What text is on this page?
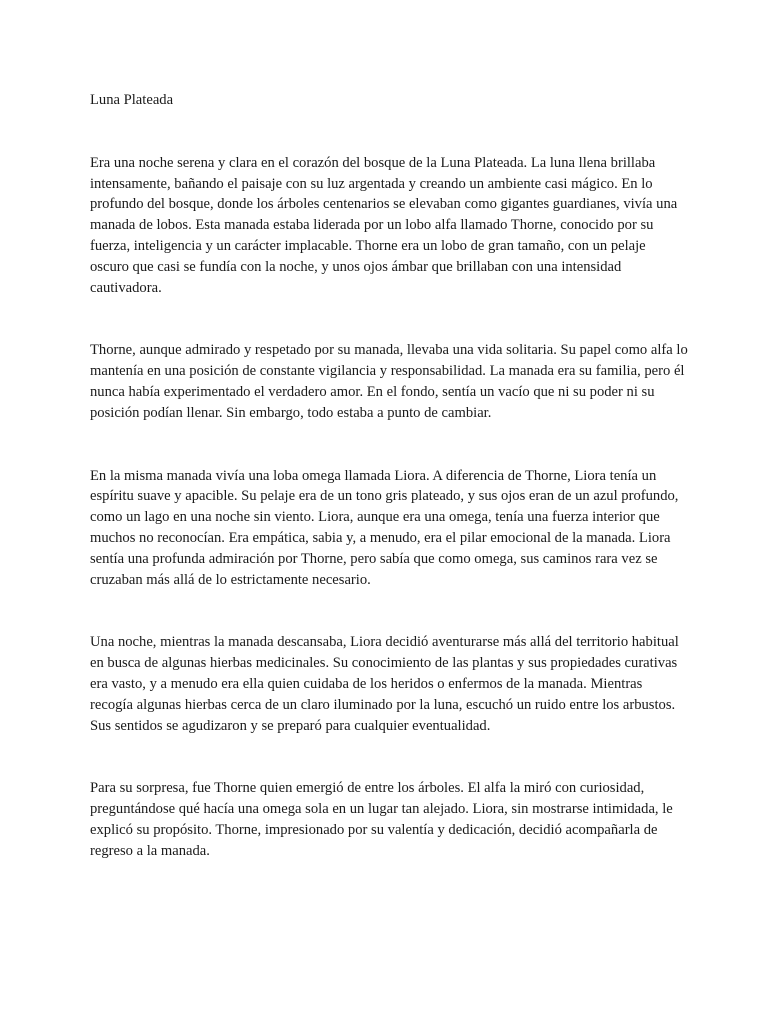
Luna Plateada

Era una noche serena y clara en el corazón del bosque de la Luna Plateada. La luna llena brillaba intensamente, bañando el paisaje con su luz argentada y creando un ambiente casi mágico. En lo profundo del bosque, donde los árboles centenarios se elevaban como gigantes guardianes, vivía una manada de lobos. Esta manada estaba liderada por un lobo alfa llamado Thorne, conocido por su fuerza, inteligencia y un carácter implacable. Thorne era un lobo de gran tamaño, con un pelaje oscuro que casi se fundía con la noche, y unos ojos ámbar que brillaban con una intensidad cautivadora.

Thorne, aunque admirado y respetado por su manada, llevaba una vida solitaria. Su papel como alfa lo mantenía en una posición de constante vigilancia y responsabilidad. La manada era su familia, pero él nunca había experimentado el verdadero amor. En el fondo, sentía un vacío que ni su poder ni su posición podían llenar. Sin embargo, todo estaba a punto de cambiar.

En la misma manada vivía una loba omega llamada Liora. A diferencia de Thorne, Liora tenía un espíritu suave y apacible. Su pelaje era de un tono gris plateado, y sus ojos eran de un azul profundo, como un lago en una noche sin viento. Liora, aunque era una omega, tenía una fuerza interior que muchos no reconocían. Era empática, sabia y, a menudo, era el pilar emocional de la manada. Liora sentía una profunda admiración por Thorne, pero sabía que como omega, sus caminos rara vez se cruzaban más allá de lo estrictamente necesario.

Una noche, mientras la manada descansaba, Liora decidió aventurarse más allá del territorio habitual en busca de algunas hierbas medicinales. Su conocimiento de las plantas y sus propiedades curativas era vasto, y a menudo era ella quien cuidaba de los heridos o enfermos de la manada. Mientras recogía algunas hierbas cerca de un claro iluminado por la luna, escuchó un ruido entre los arbustos. Sus sentidos se agudizaron y se preparó para cualquier eventualidad.

Para su sorpresa, fue Thorne quien emergió de entre los árboles. El alfa la miró con curiosidad, preguntándose qué hacía una omega sola en un lugar tan alejado. Liora, sin mostrarse intimidada, le explicó su propósito. Thorne, impresionado por su valentía y dedicación, decidió acompañarla de regreso a la manada.
